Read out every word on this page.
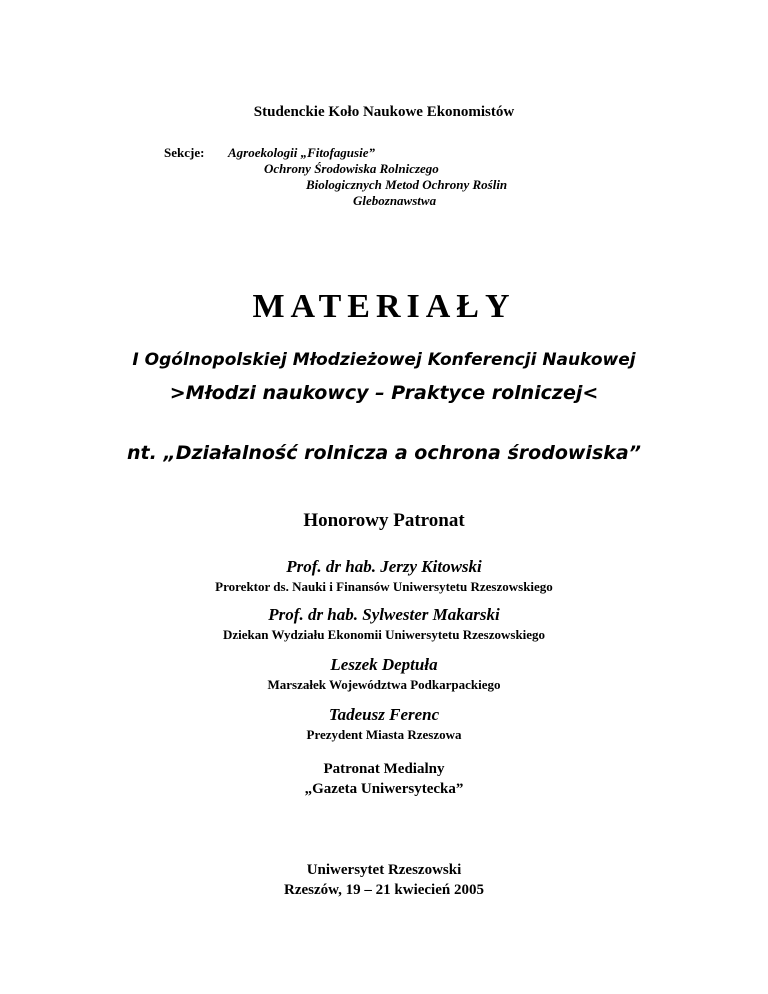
Studenckie Koło Naukowe Ekonomistów
Sekcje: Agroekologii „Fitofagusie”
Ochrony Środowiska Rolniczego
Biologicznych Metod Ochrony Roślin
Gleboznawstwa
MATERIAŁY
I Ogólnopolskiej Młodzieżowej Konferencji Naukowej
>Młodzi naukowcy – Praktyce rolniczej<
nt. „Działalność rolnicza a ochrona środowiska”
Honorowy Patronat
Prof. dr hab. Jerzy Kitowski
Prorektor ds. Nauki i Finansów Uniwersytetu Rzeszowskiego
Prof. dr hab. Sylwester Makarski
Dziekan Wydziału Ekonomii Uniwersytetu Rzeszowskiego
Leszek Deptuła
Marszałek Województwa Podkarpackiego
Tadeusz Ferenc
Prezydent Miasta Rzeszowa
Patronat Medialny
„Gazeta Uniwersytecka”
Uniwersytet Rzeszowski
Rzeszów, 19 – 21 kwiecień 2005
